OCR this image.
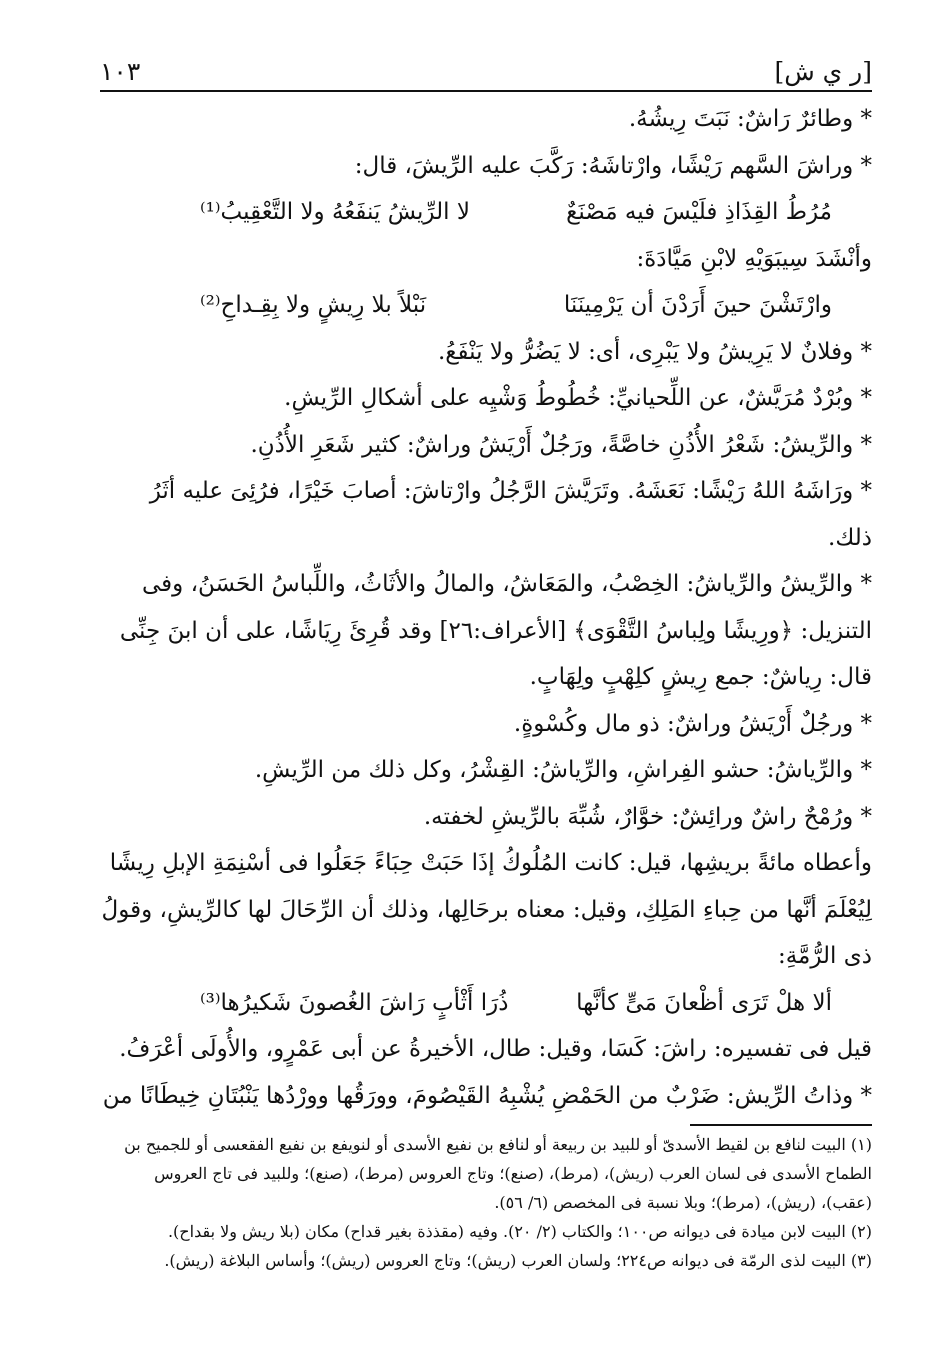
[ر ي ش]
١٠٣

* وطائرٌ رَاشٌ: نَبَتَ رِيشُهُ.

* وراشَ السَّهم رَيْشًا، وارْتاشَهُ: رَكَّبَ عليه الرِّيشَ، قال:

مُرُطُ القِذَاذِ فلَيْسَ فيه مَصْنَعٌ
لا الرِّيشُ يَنفَعُهُ ولا التَّعْقِيبُ⁽¹⁾

وأنْشَدَ سِيبَوَيْهِ لابْنِ مَيَّادَةَ:

وارْتَشْنَ حينَ أَرَدْنَ أن يَرْمِينَنَا
نَبْلاً بلا رِيشٍ ولا بِقِـداحِ⁽²⁾

* وفلانٌ لا يَرِيشُ ولا يَبْرِى، أى: لا يَضُرُّ ولا يَنْفَعُ.

* وبُرْدٌ مُرَيَّشٌ، عن اللِّحيانيِّ: خُطُوطُ وَشْيِه على أشكالِ الرِّيشِ.

* والرِّيشُ: شَعْرُ الأُذُنِ خاصَّةً، ورَجُلٌ أَرْيَشُ وراشٌ: كثير شَعَرِ الأُذُنِ.

* ورَاشَهُ اللهُ رَيْشًا: نَعَشَهُ. وتَرَيَّشَ الرَّجُلُ وارْتاشَ: أصابَ خَيْرًا، فرُئِىَ عليه أثَرُ ذلك.

* والرِّيشُ والرِّياشُ: الخِصْبُ، والمَعَاشُ، والمالُ والأثَاثُ، واللِّباسُ الحَسَنُ، وفى التنزيل: ﴿ورِيشًا ولِباسُ التَّقْوَى﴾ [الأعراف:٢٦] وقد قُرِئَ رِيَاشًا، على أن ابنَ جِنِّى قال: رِياشٌ: جمع رِيشٍ كلِهْبٍ ولِهَابٍ.

* ورجُلٌ أَرْيَشُ وراشٌ: ذو مال وكُسْوةٍ.

* والرِّياشُ: حشو الفِراشِ، والرِّياشُ: القِشْرُ، وكل ذلك من الرِّيشِ.

* ورُمْحٌ راشٌ ورائِشٌ: خوَّارٌ، شُبِّهَ بالرِّيشِ لخفته.

وأعطاه مائةً بريشِها، قيل: كانت المُلُوكُ إذَا حَبَتْ حِبَاءً جَعَلُوا فى أسْنِمَةِ الإبلِ رِيشًا لِيُعْلَمَ أنَّها من حِباءِ المَلِكِ، وقيل: معناه برحَالِها، وذلك أن الرِّحَالَ لها كالرِّيشِ، وقولُ ذى الرُّمَّةِ:

ألا هلْ تَرَى أظْعانَ مَىٍّ كأنَّها
ذُرَا أَثْأبٍ رَاشَ الغُصونَ شَكيرُها⁽³⁾

قيل فى تفسيره: راشَ: كَسَا، وقيل: طال، الأخيرةُ عن أبى عَمْرٍو، والأُولَى أعْرَفُ.

* وذاتُ الرِّيش: ضَرْبٌ من الحَمْضِ يُشْبِهُ القَيْصُومَ، وورَقُها وورْدُها يَنْبُتَانِ خِيطَانًا من

(١) البيت لنافع بن لقيط الأسدىّ أو للبيد بن ربيعة أو لنافع بن نفيع الأسدى أو لنويفع بن نفيع الفقعسى أو للجميح بن الطماح الأسدى فى لسان العرب (ريش)، (مرط)، (صنع)؛ وتاج العروس (مرط)، (صنع)؛ وللبيد فى تاج العروس (عقب)، (ريش)، (مرط)؛ وبلا نسبة فى المخصص (٦/ ٥٦).

(٢) البيت لابن ميادة فى ديوانه ص١٠٠؛ والكتاب (٢/ ٢٠). وفيه (مقذذة بغير قداح) مكان (بلا ريش ولا بقداح).

(٣) البيت لذى الرمّة فى ديوانه ص٢٢٤؛ ولسان العرب (ريش)؛ وتاج العروس (ريش)؛ وأساس البلاغة (ريش).
